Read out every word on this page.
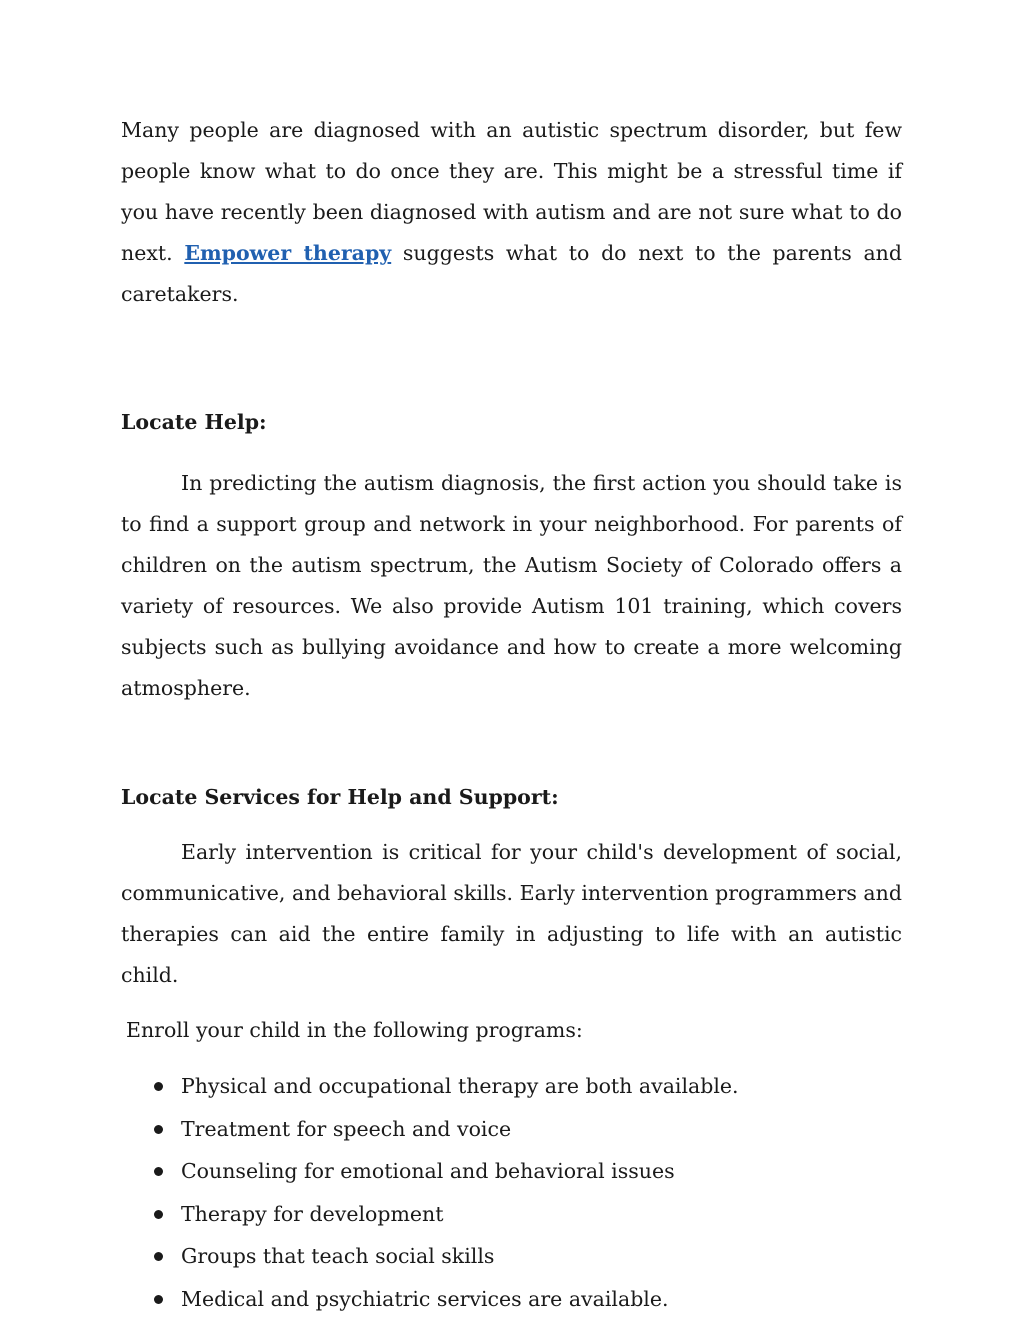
Many people are diagnosed with an autistic spectrum disorder, but few people know what to do once they are. This might be a stressful time if you have recently been diagnosed with autism and are not sure what to do next. Empower therapy suggests what to do next to the parents and caretakers.

Locate Help:

In predicting the autism diagnosis, the first action you should take is to find a support group and network in your neighborhood. For parents of children on the autism spectrum, the Autism Society of Colorado offers a variety of resources. We also provide Autism 101 training, which covers subjects such as bullying avoidance and how to create a more welcoming atmosphere.

Locate Services for Help and Support:

Early intervention is critical for your child's development of social, communicative, and behavioral skills. Early intervention programmers and therapies can aid the entire family in adjusting to life with an autistic child.

Enroll your child in the following programs:

Physical and occupational therapy are both available.
Treatment for speech and voice
Counseling for emotional and behavioral issues
Therapy for development
Groups that teach social skills
Medical and psychiatric services are available.
